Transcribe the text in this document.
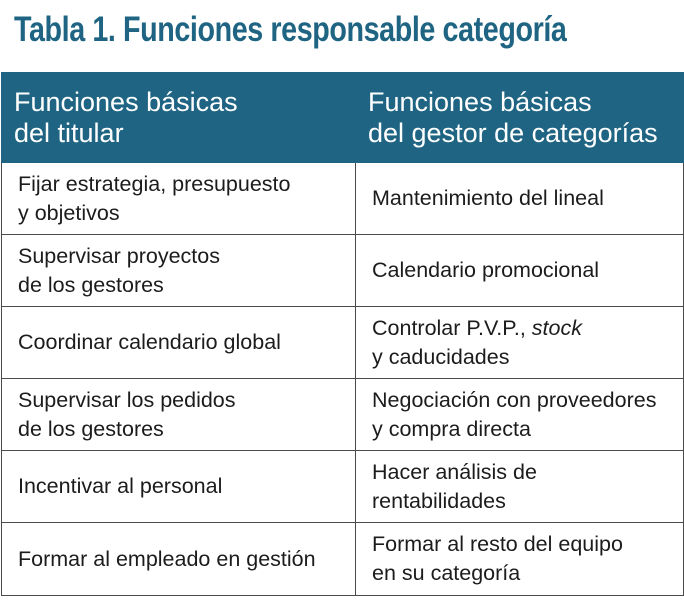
Tabla 1. Funciones responsable categoría
Funciones básicas
del titular	Funciones básicas
del gestor de categorías
Fijar estrategia, presupuesto
y objetivos	Mantenimiento del lineal
Supervisar proyectos
de los gestores	Calendario promocional
Coordinar calendario global	Controlar P.V.P., stock
y caducidades
Supervisar los pedidos
de los gestores	Negociación con proveedores
y compra directa
Incentivar al personal	Hacer análisis de
rentabilidades
Formar al empleado en gestión	Formar al resto del equipo
en su categoría
